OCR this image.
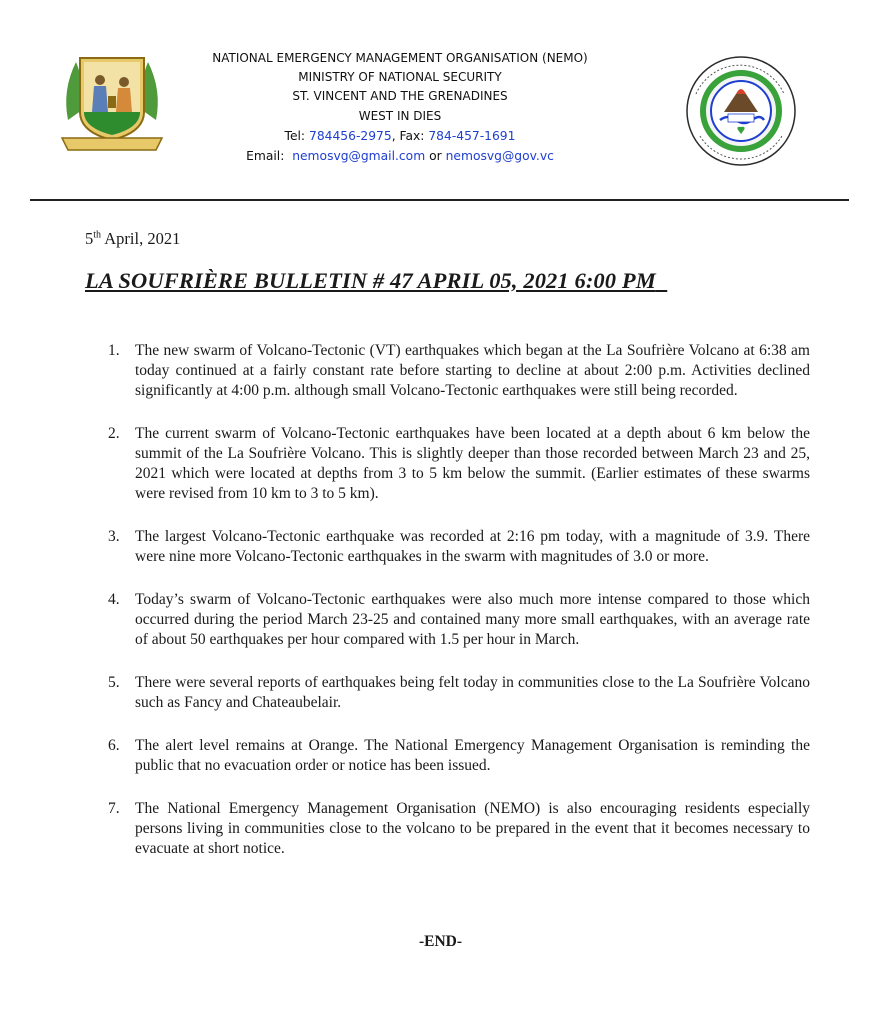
NATIONAL EMERGENCY MANAGEMENT ORGANISATION (NEMO)
MINISTRY OF NATIONAL SECURITY
ST. VINCENT AND THE GRENADINES
WEST IN DIES
Tel: 784456-2975, Fax: 784-457-1691
Email: nemosvg@gmail.com or nemosvg@gov.vc
5th April, 2021
LA SOUFRIÈRE BULLETIN # 47 APRIL 05, 2021 6:00 PM
1. The new swarm of Volcano-Tectonic (VT) earthquakes which began at the La Soufrière Volcano at 6:38 am today continued at a fairly constant rate before starting to decline at about 2:00 p.m. Activities declined significantly at 4:00 p.m. although small Volcano-Tectonic earthquakes were still being recorded.
2. The current swarm of Volcano-Tectonic earthquakes have been located at a depth about 6 km below the summit of the La Soufrière Volcano. This is slightly deeper than those recorded between March 23 and 25, 2021 which were located at depths from 3 to 5 km below the summit. (Earlier estimates of these swarms were revised from 10 km to 3 to 5 km).
3. The largest Volcano-Tectonic earthquake was recorded at 2:16 pm today, with a magnitude of 3.9. There were nine more Volcano-Tectonic earthquakes in the swarm with magnitudes of 3.0 or more.
4. Today’s swarm of Volcano-Tectonic earthquakes were also much more intense compared to those which occurred during the period March 23-25 and contained many more small earthquakes, with an average rate of about 50 earthquakes per hour compared with 1.5 per hour in March.
5. There were several reports of earthquakes being felt today in communities close to the La Soufrière Volcano such as Fancy and Chateaubelair.
6. The alert level remains at Orange. The National Emergency Management Organisation is reminding the public that no evacuation order or notice has been issued.
7. The National Emergency Management Organisation (NEMO) is also encouraging residents especially persons living in communities close to the volcano to be prepared in the event that it becomes necessary to evacuate at short notice.
-END-
